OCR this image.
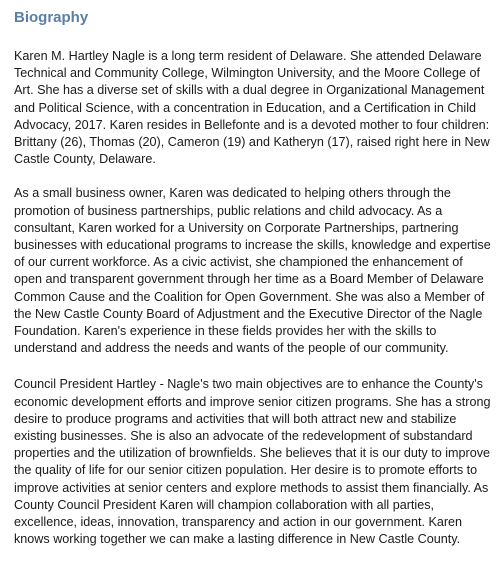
Biography

Karen M. Hartley Nagle is a long term resident of Delaware. She attended Delaware Technical and Community College, Wilmington University, and the Moore College of Art. She has a diverse set of skills with a dual degree in Organizational Management and Political Science, with a concentration in Education, and a Certification in Child Advocacy, 2017. Karen resides in Bellefonte and is a devoted mother to four children: Brittany (26), Thomas (20), Cameron (19) and Katheryn (17), raised right here in New Castle County, Delaware.

As a small business owner, Karen was dedicated to helping others through the promotion of business partnerships, public relations and child advocacy. As a consultant, Karen worked for a University on Corporate Partnerships, partnering businesses with educational programs to increase the skills, knowledge and expertise of our current workforce. As a civic activist, she championed the enhancement of open and transparent government through her time as a Board Member of Delaware Common Cause and the Coalition for Open Government. She was also a Member of the New Castle County Board of Adjustment and the Executive Director of the Nagle Foundation. Karen's experience in these fields provides her with the skills to understand and address the needs and wants of the people of our community.

Council President Hartley - Nagle's two main objectives are to enhance the County's economic development efforts and improve senior citizen programs. She has a strong desire to produce programs and activities that will both attract new and stabilize existing businesses. She is also an advocate of the redevelopment of substandard properties and the utilization of brownfields. She believes that it is our duty to improve the quality of life for our senior citizen population. Her desire is to promote efforts to improve activities at senior centers and explore methods to assist them financially. As County Council President Karen will champion collaboration with all parties, excellence, ideas, innovation, transparency and action in our government. Karen knows working together we can make a lasting difference in New Castle County.
